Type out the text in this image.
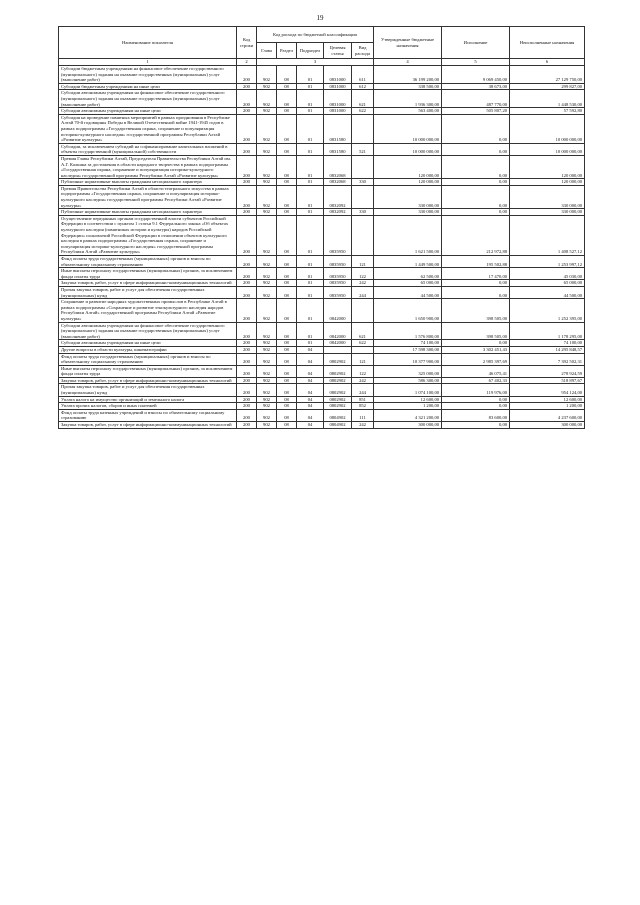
19
Наименование показателя	Код строки	Код расхода по бюджетной классификации					Утвержденные бюджетные назначения	Исполнение	Неисполненные назначения
		Глава	Раздел	Подраздел	Целевая статья	Вид расхода			
1	2	3					4	5	6
Субсидии бюджетным учреждениям на финансовое обеспечение государственного (муниципального) задания на оказание государственных (муниципальных) услуг (выполнение работ)	200	902	08	01	0831000	611	36 199 200,00	9 069 450,00	27 129 750,00
Субсидии бюджетным учреждениям на иные цели	200	902	08	01	0831000	612	338 500,00	38 673,00	299 827,00
Субсидии автономным учреждениям на финансовое обеспечение государственного (муниципального) задания на оказание государственных (муниципальных) услуг (выполнение работ)	200	902	08	01	0831000	621	1 936 300,00	487 770,00	1 448 530,00
Субсидии автономным учреждениям на иные цели	200	902	08	01	0831000	622	563 400,00	505 807,20	57 592,80
Субсидия на проведение памятных мероприятий в рамках празднования в Республике Алтай 70-й годовщины Победы в Великой Отечественной войне 1941-1945 годов в рамках подпрограммы «Государственная охрана, сохранение и популяризация историко-культурного наследия» государственной программы Республики Алтай «Развитие культуры»	200	902	08	01	0831580		10 000 000,00	0,00	10 000 000,00
Субсидии, за исключением субсидий на софинансирование капитальных вложений в объекты государственной (муниципальной) собственности	200	902	08	01	0831580	521	10 000 000,00	0,00	10 000 000,00
Премия Главы Республики Алтай, Председателя Правительства Республики Алтай им. А.Г. Калкина за достижения в области народного творчества в рамках подпрограммы «Государственная охрана, сохранение и популяризация историко-культурного наследия» государственной программы Республики Алтай «Развитие культуры»	200	902	08	01	0832068		120 000,00	0,00	120 000,00
Публичные нормативные выплаты гражданам несоциального характера	200	902	08	01	0832068	330	120 000,00	0,00	120 000,00
Премия Правительства Республики Алтай в области театрального искусства в рамках подпрограммы «Государственная охрана, сохранение и популяризация историко-культурного наследия» государственной программы Республики Алтай «Развитие культуры»	200	902	08	01	0832092		330 000,00	0,00	330 000,00
Публичные нормативные выплаты гражданам несоциального характера	200	902	08	01	0832092	330	330 000,00	0,00	330 000,00
Осуществление переданных органам государственной власти субъектов Российской Федерации в соответствии с пунктом 1 статьи 9.1 Федерального закона «Об объектах культурного наследия (памятниках истории и культуры) народов Российской Федерации» полномочий Российской Федерации в отношении объектов культурного наследия в рамках подпрограммы «Государственная охрана, сохранение и популяризация историко-культурного наследия» государственной программы Республики Алтай «Развитие культуры»	200	902	08	01	0835950		1 621 500,00	212 972,88	1 408 527,12
Фонд оплаты труда государственных (муниципальных) органов и взносы по обязательному социальному страхованию	200	902	08	01	0835950	121	1 449 500,00	195 502,88	1 253 997,12
Иные выплаты персоналу государственных (муниципальных) органов, за исключением фонда оплаты труда	200	902	08	01	0835950	122	62 500,00	17 470,00	45 030,00
Закупка товаров, работ, услуг в сфере информационно-коммуникационных технологий	200	902	08	01	0835950	242	65 000,00	0,00	65 000,00
Прочая закупка товаров, работ и услуг для обеспечения государственных (муниципальных) нужд	200	902	08	01	0835950	244	44 500,00	0,00	44 500,00
Сохранение и развитие народных художественных промыслов в Республике Алтай в рамках подпрограммы «Сохранение и развитие этнокультурного наследия народов Республики Алтай» государственной программы Республики Алтай «Развитие культуры»	200	902	08	01	0842000		1 650 900,00	398 505,00	1 252 395,00
Субсидии автономным учреждениям на финансовое обеспечение государственного (муниципального) задания на оказание государственных (муниципальных) услуг (выполнение работ)	200	902	08	01	0842000	621	1 576 800,00	398 505,00	1 178 295,00
Субсидии автономным учреждениям на иные цели	200	902	08	01	0842000	622	74 100,00	0,00	74 100,00
Другие вопросы в области культуры, кинематографии	200	902	08	04			17 598 300,00	3 302 451,43	14 295 848,57
Фонд оплаты труда государственных (муниципальных) органов и взносы по обязательному социальному страхованию	200	902	08	04	0802902	121	10 377 900,00	2 985 397,69	7 392 502,31
Иные выплаты персоналу государственных (муниципальных) органов, за исключением фонда оплаты труда	200	902	08	04	0802902	122	325 000,00	46 075,41	278 924,59
Закупка товаров, работ, услуг в сфере информационно-коммуникационных технологий	200	902	08	04	0802902	242	586 300,00	67 402,33	518 897,67
Прочая закупка товаров, работ и услуг для обеспечения государственных (муниципальных) нужд	200	902	08	04	0802902	244	1 074 100,00	119 976,00	954 124,00
Уплата налога на имущество организаций и земельного налога	200	902	08	04	0802902	851	12 600,00	0,00	12 600,00
Уплата прочих налогов, сборов и иных платежей	200	902	08	04	0802902	852	1 200,00	0,00	1 200,00
Фонд оплаты труда казенных учреждений и взносы по обязательному социальному страхованию	200	902	08	04	0804902	111	4 321 200,00	83 600,00	4 237 600,00
Закупка товаров, работ, услуг в сфере информационно-коммуникационных технологий	200	902	08	04	0804902	242	300 000,00	0,00	300 000,00
